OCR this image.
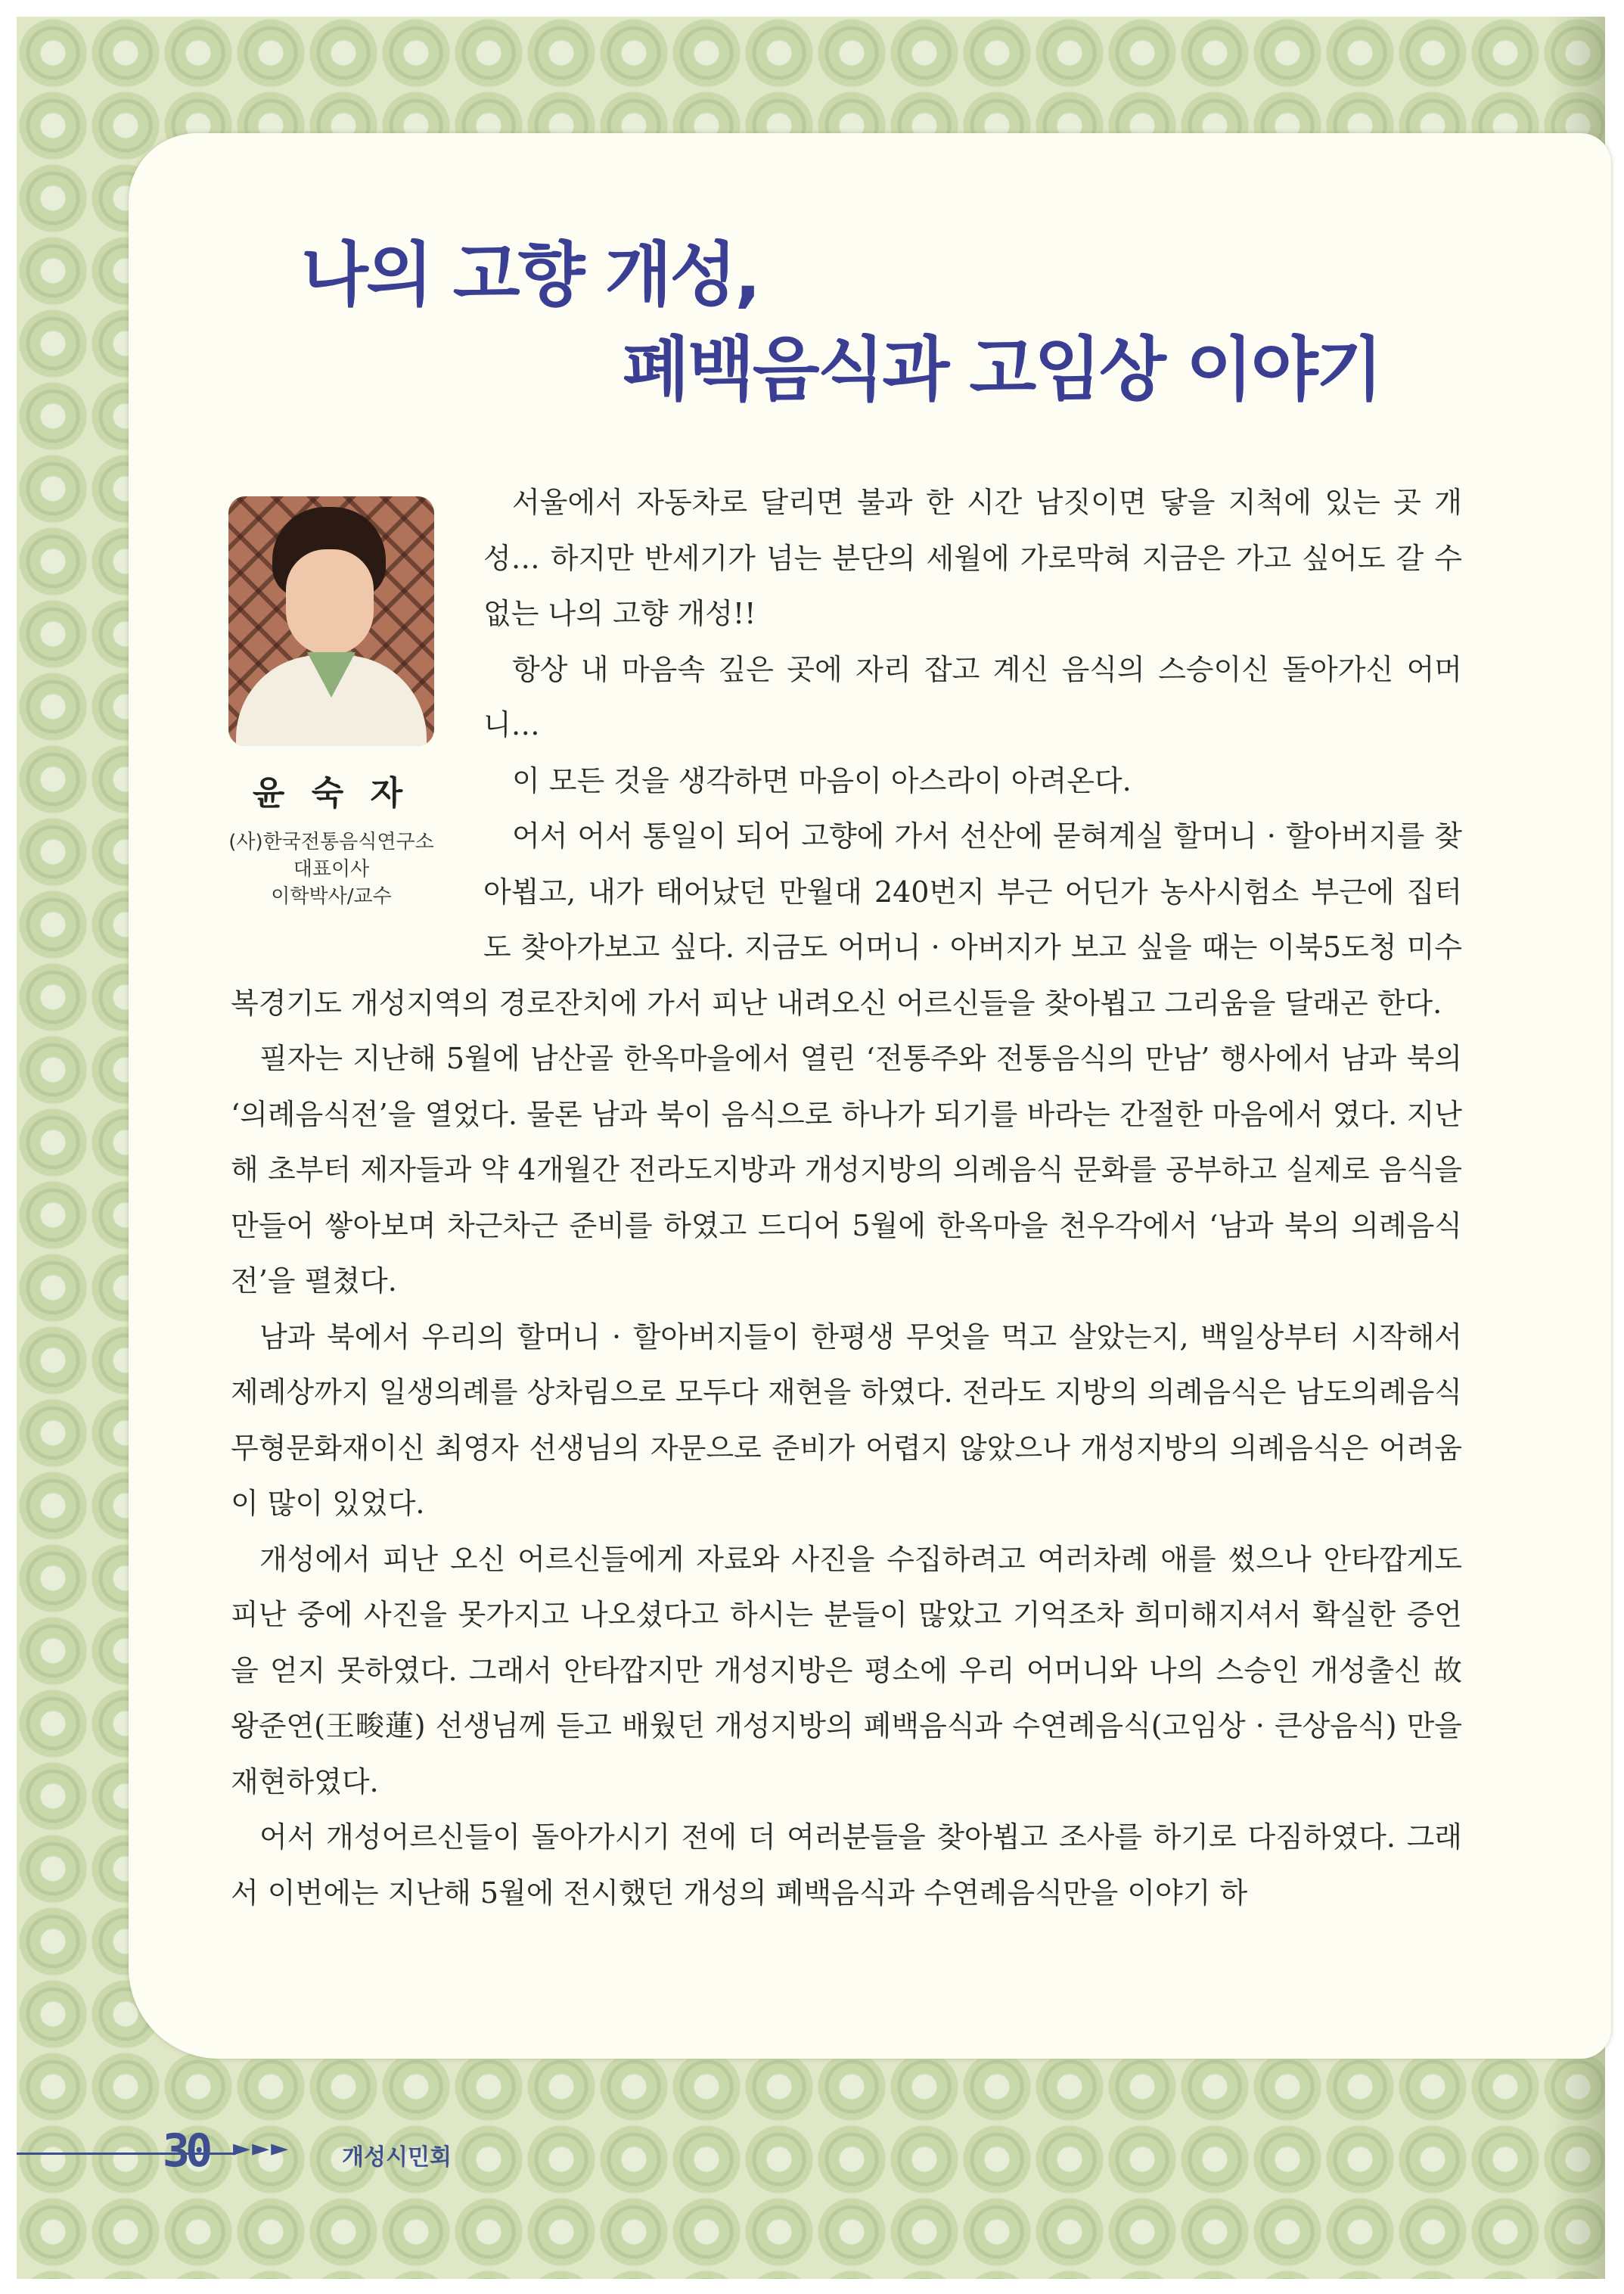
나의 고향 개성,
폐백음식과 고임상 이야기
윤 숙 자
(사)한국전통음식연구소
대표이사
이학박사/교수

서울에서 자동차로 달리면 불과 한 시간 남짓이면 닿을 지척에 있는 곳 개성… 하지만 반세기가 넘는 분단의 세월에 가로막혀 지금은 가고 싶어도 갈 수 없는 나의 고향 개성!!

항상 내 마음속 깊은 곳에 자리 잡고 계신 음식의 스승이신 돌아가신 어머니…

이 모든 것을 생각하면 마음이 아스라이 아려온다.

어서 어서 통일이 되어 고향에 가서 선산에 묻혀계실 할머니 · 할아버지를 찾아뵙고, 내가 태어났던 만월대 240번지 부근 어딘가 농사시험소 부근에 집터도 찾아가보고 싶다. 지금도 어머니 · 아버지가 보고 싶을 때는 이북5도청 미수복경기도 개성지역의 경로잔치에 가서 피난 내려오신 어르신들을 찾아뵙고 그리움을 달래곤 한다.

필자는 지난해 5월에 남산골 한옥마을에서 열린 ‘전통주와 전통음식의 만남’ 행사에서 남과 북의 ‘의례음식전’을 열었다. 물론 남과 북이 음식으로 하나가 되기를 바라는 간절한 마음에서 였다. 지난해 초부터 제자들과 약 4개월간 전라도지방과 개성지방의 의례음식 문화를 공부하고 실제로 음식을 만들어 쌓아보며 차근차근 준비를 하였고 드디어 5월에 한옥마을 천우각에서 ‘남과 북의 의례음식전’을 펼쳤다.

남과 북에서 우리의 할머니 · 할아버지들이 한평생 무엇을 먹고 살았는지, 백일상부터 시작해서 제례상까지 일생의례를 상차림으로 모두다 재현을 하였다. 전라도 지방의 의례음식은 남도의례음식무형문화재이신 최영자 선생님의 자문으로 준비가 어렵지 않았으나 개성지방의 의례음식은 어려움이 많이 있었다.

개성에서 피난 오신 어르신들에게 자료와 사진을 수집하려고 여러차례 애를 썼으나 안타깝게도 피난 중에 사진을 못가지고 나오셨다고 하시는 분들이 많았고 기억조차 희미해지셔서 확실한 증언을 얻지 못하였다. 그래서 안타깝지만 개성지방은 평소에 우리 어머니와 나의 스승인 개성출신 故 왕준연(王畯蓮) 선생님께 듣고 배웠던 개성지방의 폐백음식과 수연례음식(고임상 · 큰상음식) 만을 재현하였다.

어서 개성어르신들이 돌아가시기 전에 더 여러분들을 찾아뵙고 조사를 하기로 다짐하였다. 그래서 이번에는 지난해 5월에 전시했던 개성의 폐백음식과 수연례음식만을 이야기 하

30 ►►► 개성시민회
